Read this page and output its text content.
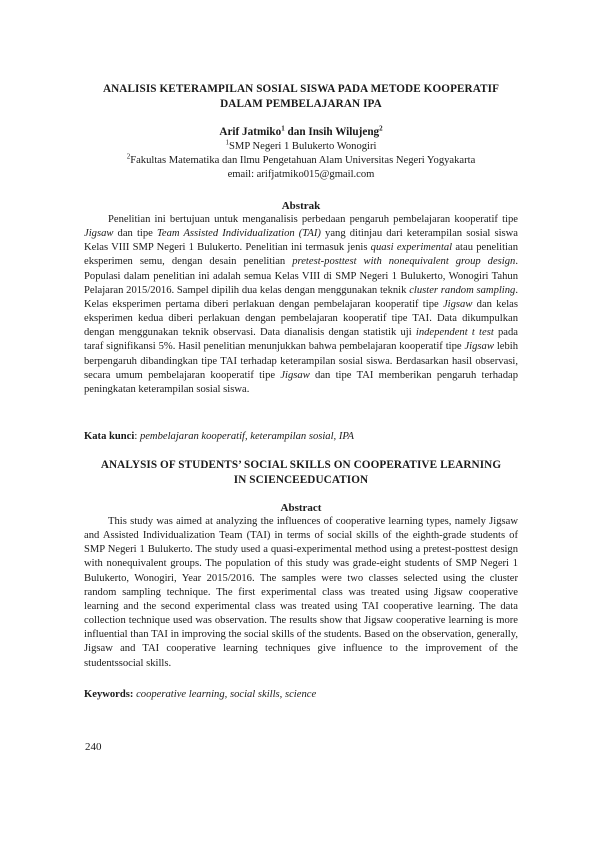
ANALISIS KETERAMPILAN SOSIAL SISWA PADA METODE KOOPERATIF
DALAM PEMBELAJARAN IPA
Arif Jatmiko$^1$ dan Insih Wilujeng$^2$
$^1$SMP Negeri 1 Bulukerto Wonogiri
$^2$Fakultas Matematika dan Ilmu Pengetahuan Alam Universitas Negeri Yogyakarta
email: arifjatmiko015@gmail.com
Abstrak

Penelitian ini bertujuan untuk menganalisis perbedaan pengaruh pembelajaran kooperatif tipe Jigsaw dan tipe Team Assisted Individualization (TAI) yang ditinjau dari keterampilan sosial siswa Kelas VIII SMP Negeri 1 Bulukerto. Penelitian ini termasuk jenis quasi experimental atau penelitian eksperimen semu, dengan desain penelitian pretest-posttest with nonequivalent group design. Populasi dalam penelitian ini adalah semua Kelas VIII di SMP Negeri 1 Bulukerto, Wonogiri Tahun Pelajaran 2015/2016. Sampel dipilih dua kelas dengan menggunakan teknik cluster random sampling. Kelas eksperimen pertama diberi perlakuan dengan pembelajaran kooperatif tipe Jigsaw dan kelas eksperimen kedua diberi perlakuan dengan pembelajaran kooperatif tipe TAI. Data dikumpulkan dengan menggunakan teknik observasi. Data dianalisis dengan statistik uji independent t test pada taraf signifikansi 5%. Hasil penelitian menunjukkan bahwa pembelajaran kooperatif tipe Jigsaw lebih berpengaruh dibandingkan tipe TAI terhadap keterampilan sosial siswa. Berdasarkan hasil observasi, secara umum pembelajaran kooperatif tipe Jigsaw dan tipe TAI memberikan pengaruh terhadap peningkatan keterampilan sosial siswa.

Kata kunci: pembelajaran kooperatif, keterampilan sosial, IPA
ANALYSIS OF STUDENTS’ SOCIAL SKILLS ON COOPERATIVE LEARNING
IN SCIENCEEDUCATION
Abstract

This study was aimed at analyzing the influences of cooperative learning types, namely Jigsaw and Assisted Individualization Team (TAI) in terms of social skills of the eighth-grade students of SMP Negeri 1 Bulukerto. The study used a quasi-experimental method using a pretest-posttest design with nonequivalent groups. The population of this study was grade-eight students of SMP Negeri 1 Bulukerto, Wonogiri, Year 2015/2016. The samples were two classes selected using the cluster random sampling technique. The first experimental class was treated using Jigsaw cooperative learning and the second experimental class was treated using TAI cooperative learning. The data collection technique used was observation. The results show that Jigsaw cooperative learning is more influential than TAI in improving the social skills of the students. Based on the observation, generally, Jigsaw and TAI cooperative learning techniques give influence to the improvement of the studentssocial skills.

Keywords: cooperative learning, social skills, science
240
